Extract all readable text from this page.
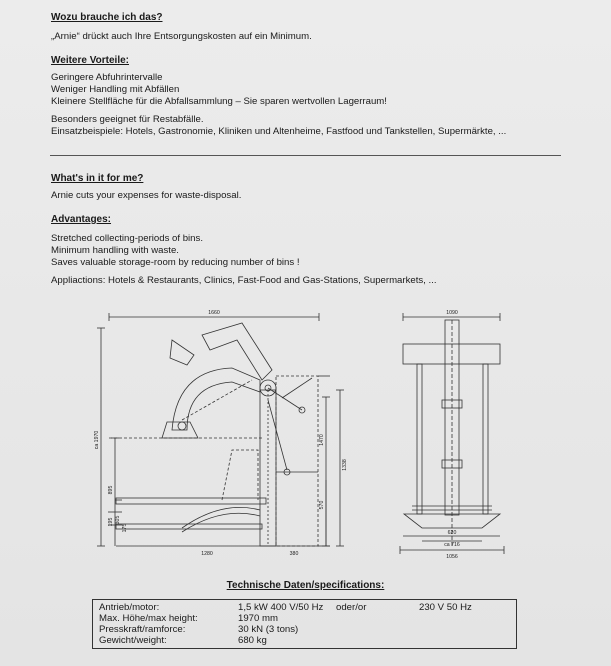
Wozu brauche ich das?
„Arnie“ drückt auch Ihre Entsorgungskosten auf ein Minimum.
Weitere Vorteile:
Geringere Abfuhrintervalle
Weniger Handling mit Abfällen
Kleinere Stellfläche für die Abfallsammlung – Sie sparen wertvollen Lagerraum!
Besonders geeignet für Restabfälle.
Einsatzbeispiele: Hotels, Gastronomie, Kliniken und Altenheime, Fastfood und Tankstellen, Supermärkte, ...
What's in it for me?
Arnie cuts your expenses for waste-disposal.
Advantages:
Stretched collecting-periods of bins.
Minimum handling with waste.
Saves valuable storage-room by reducing number of bins !
Appliactions: Hotels & Restaurants, Clinics, Fast-Food and Gas-Stations, Supermarkets, ...
1660	1090
ca 1970
895
1470
1338
570
305
195
175
1280	380
620
ca 716
1056
Technische Daten/specifications:
Antrieb/motor:	1,5 kW 400 V/50 Hz oder/or	230 V 50 Hz
Max. Höhe/max height:	1970 mm
Presskraft/ramforce:	30 kN (3 tons)
Gewicht/weight:	680 kg
